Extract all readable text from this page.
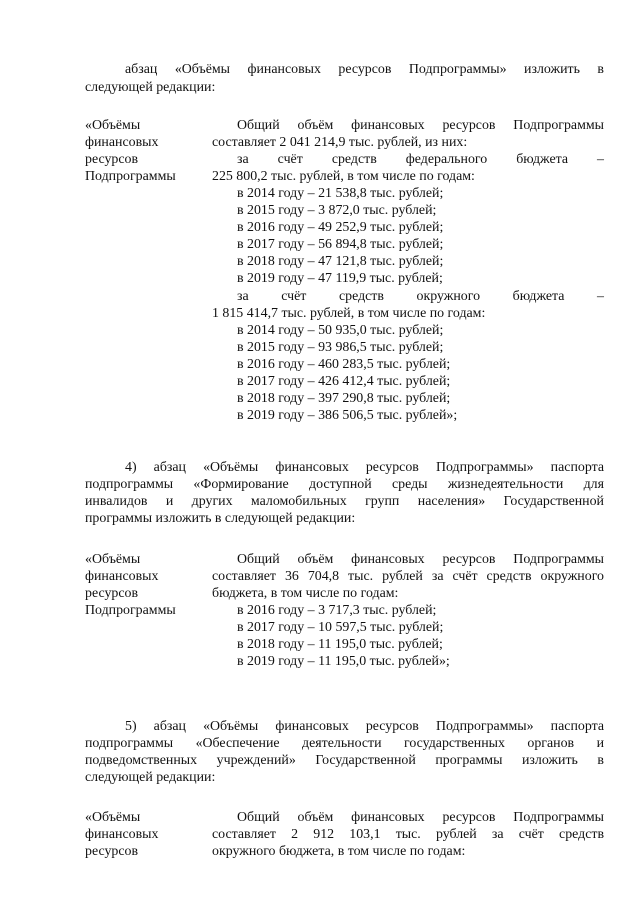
абзац «Объёмы финансовых ресурсов Подпрограммы» изложить в
следующей редакции:
«Объёмы
финансовых
ресурсов
Подпрограммы
Общий объём финансовых ресурсов Подпрограммы
составляет 2 041 214,9 тыс. рублей, из них:
за счёт средств федерального бюджета –
225 800,2 тыс. рублей, в том числе по годам:
в 2014 году – 21 538,8 тыс. рублей;
в 2015 году – 3 872,0 тыс. рублей;
в 2016 году – 49 252,9 тыс. рублей;
в 2017 году – 56 894,8 тыс. рублей;
в 2018 году – 47 121,8 тыс. рублей;
в 2019 году – 47 119,9 тыс. рублей;
за счёт средств окружного бюджета –
1 815 414,7 тыс. рублей, в том числе по годам:
в 2014 году – 50 935,0 тыс. рублей;
в 2015 году – 93 986,5 тыс. рублей;
в 2016 году – 460 283,5 тыс. рублей;
в 2017 году – 426 412,4 тыс. рублей;
в 2018 году – 397 290,8 тыс. рублей;
в 2019 году – 386 506,5 тыс. рублей»;
4) абзац «Объёмы финансовых ресурсов Подпрограммы» паспорта
подпрограммы «Формирование доступной среды жизнедеятельности для
инвалидов и других маломобильных групп населения» Государственной
программы изложить в следующей редакции:
«Объёмы
финансовых
ресурсов
Подпрограммы
Общий объём финансовых ресурсов Подпрограммы
составляет 36 704,8 тыс. рублей за счёт средств окружного
бюджета, в том числе по годам:
в 2016 году – 3 717,3 тыс. рублей;
в 2017 году – 10 597,5 тыс. рублей;
в 2018 году – 11 195,0 тыс. рублей;
в 2019 году – 11 195,0 тыс. рублей»;
5) абзац «Объёмы финансовых ресурсов Подпрограммы» паспорта
подпрограммы «Обеспечение деятельности государственных органов и
подведомственных учреждений» Государственной программы изложить в
следующей редакции:
«Объёмы
финансовых
ресурсов
Общий объём финансовых ресурсов Подпрограммы
составляет 2 912 103,1 тыс. рублей за счёт средств
окружного бюджета, в том числе по годам:
